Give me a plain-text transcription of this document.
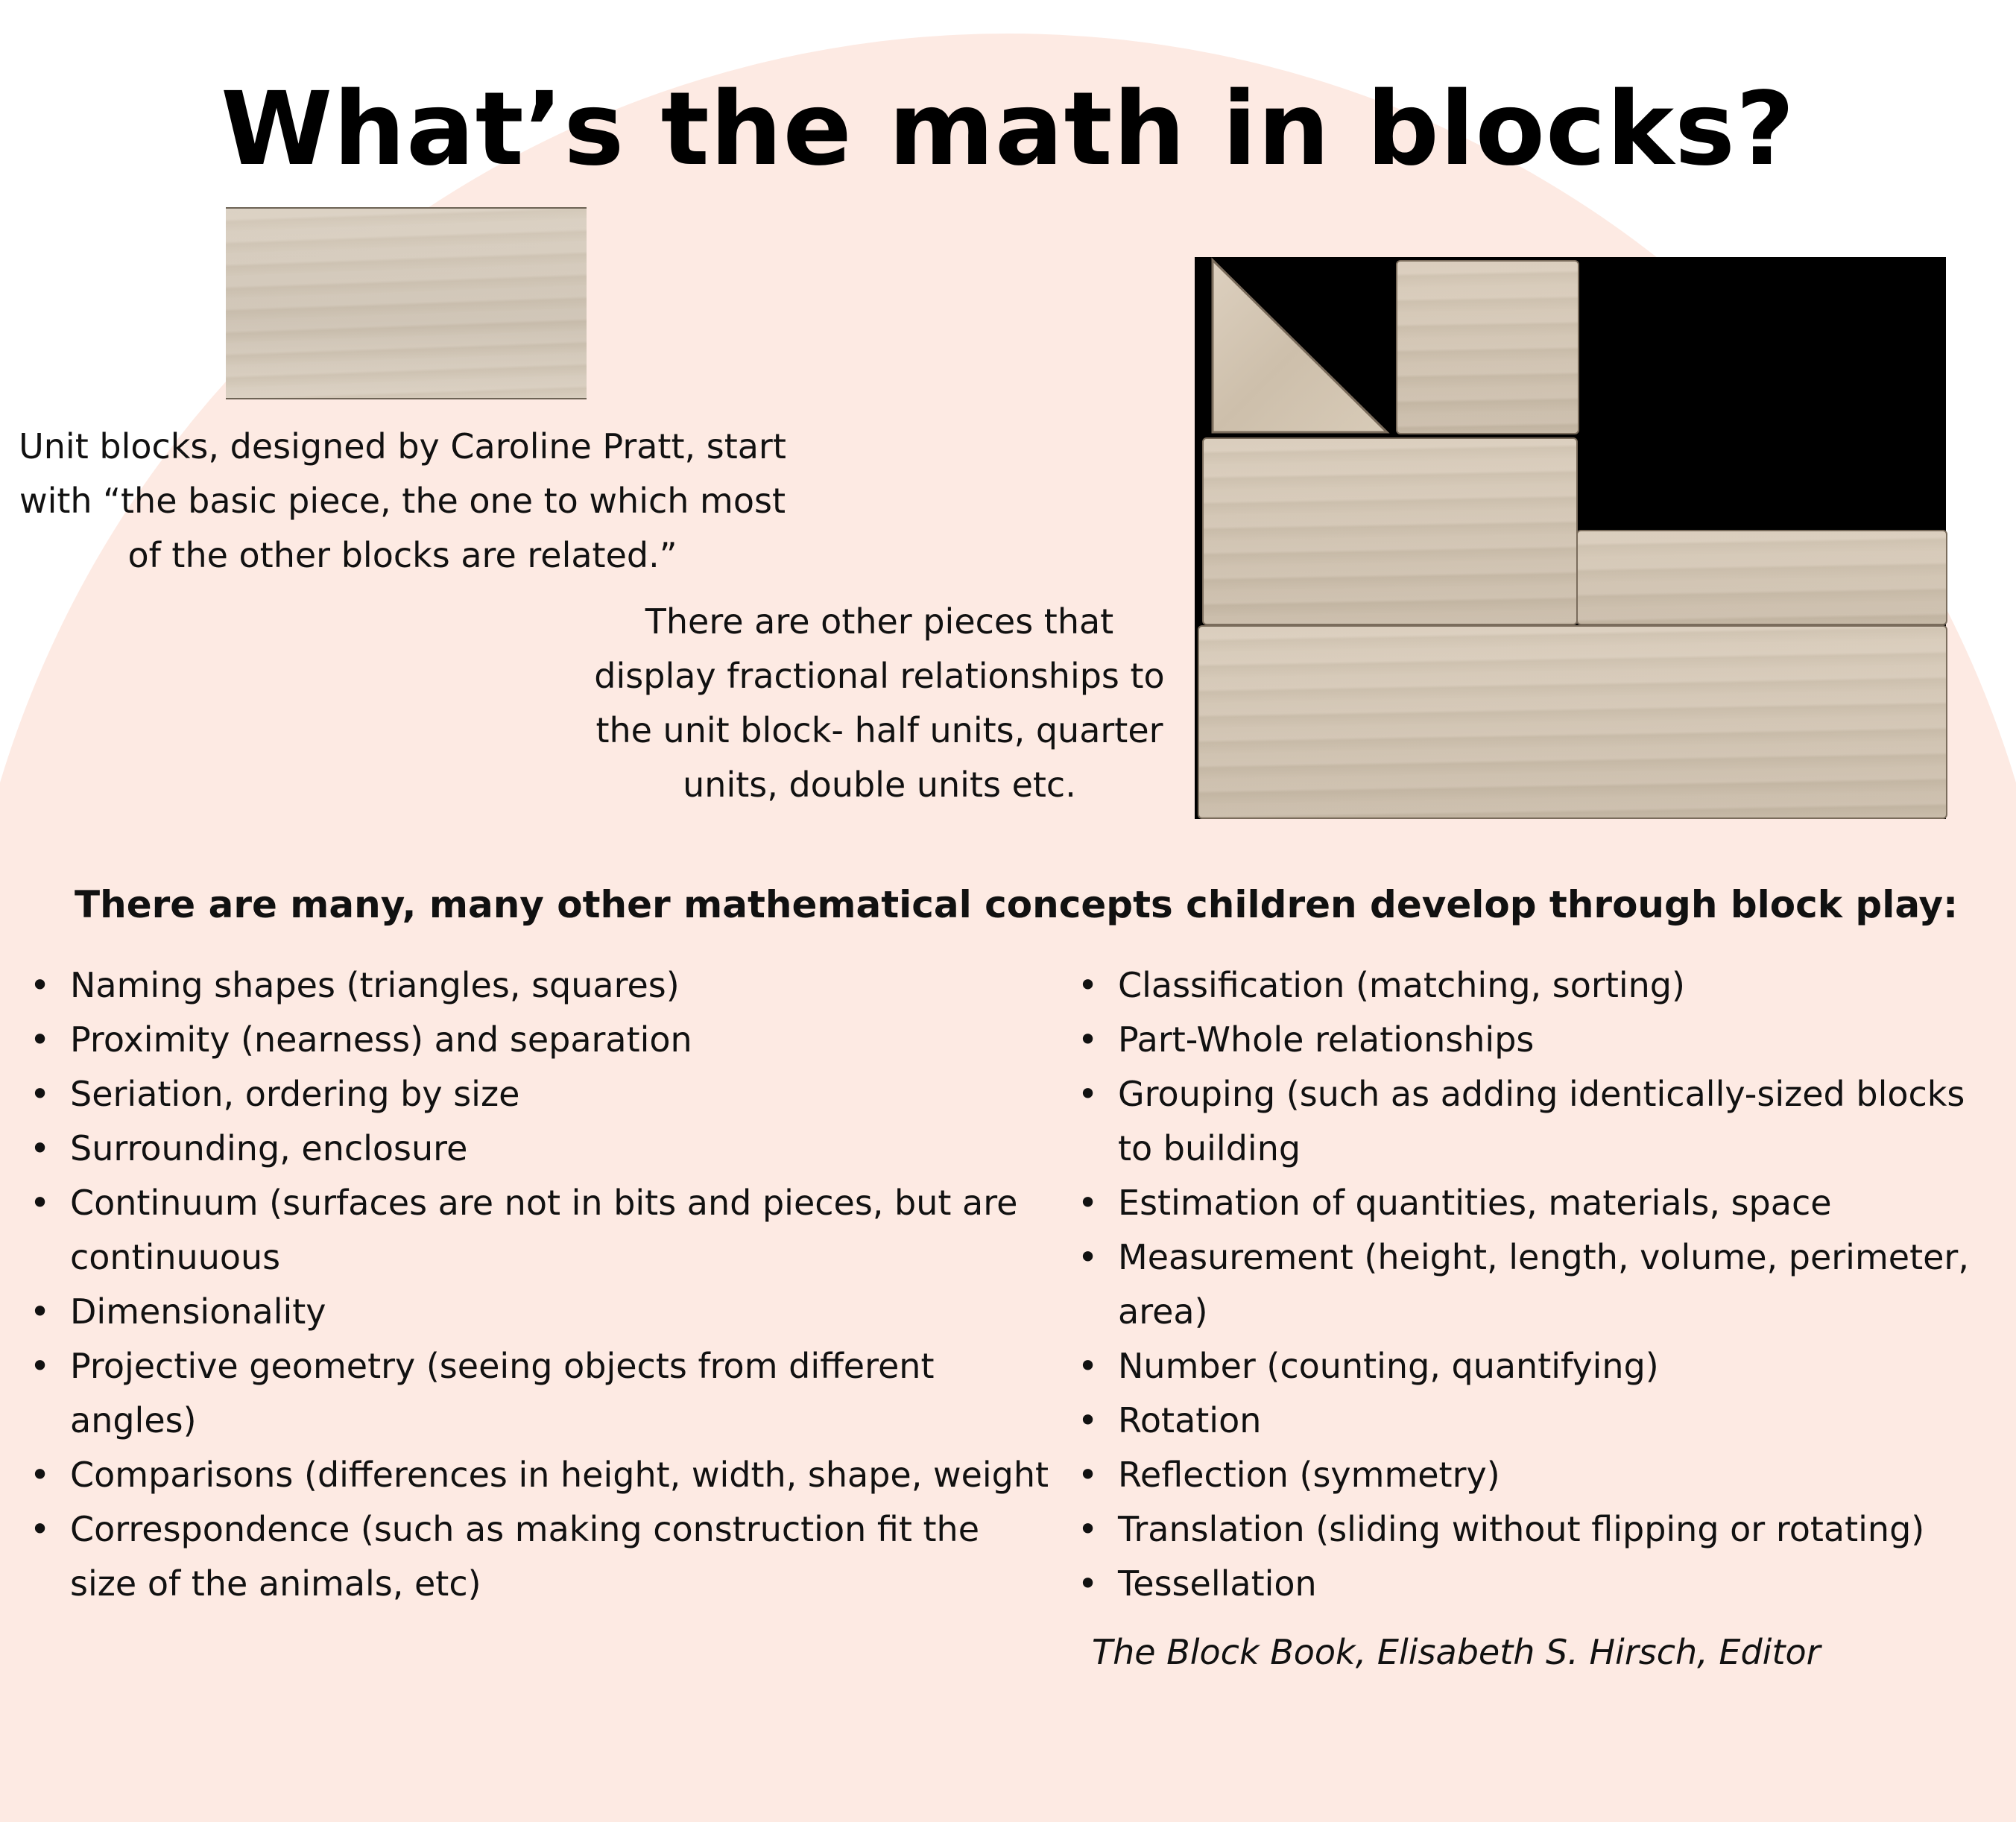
What’s the math in blocks?

Unit blocks, designed by Caroline Pratt, start
with “the basic piece, the one to which most
of the other blocks are related.”

There are other pieces that
display fractional relationships to
the unit block- half units, quarter
units, double units etc.

There are many, many other mathematical concepts children develop through block play:
• Naming shapes (triangles, squares)
• Proximity (nearness) and separation
• Seriation, ordering by size
• Surrounding, enclosure
• Continuum (surfaces are not in bits and pieces, but are continuuous
• Dimensionality
• Projective geometry (seeing objects from different angles)
• Comparisons (differences in height, width, shape, weight
• Correspondence (such as making construction fit the size of the animals, etc)
• Classification (matching, sorting)
• Part-Whole relationships
• Grouping (such as adding identically-sized blocks to building
• Estimation of quantities, materials, space
• Measurement (height, length, volume, perimeter, area)
• Number (counting, quantifying)
• Rotation
• Reflection (symmetry)
• Translation (sliding without flipping or rotating)
• Tessellation

The Block Book, Elisabeth S. Hirsch, Editor
